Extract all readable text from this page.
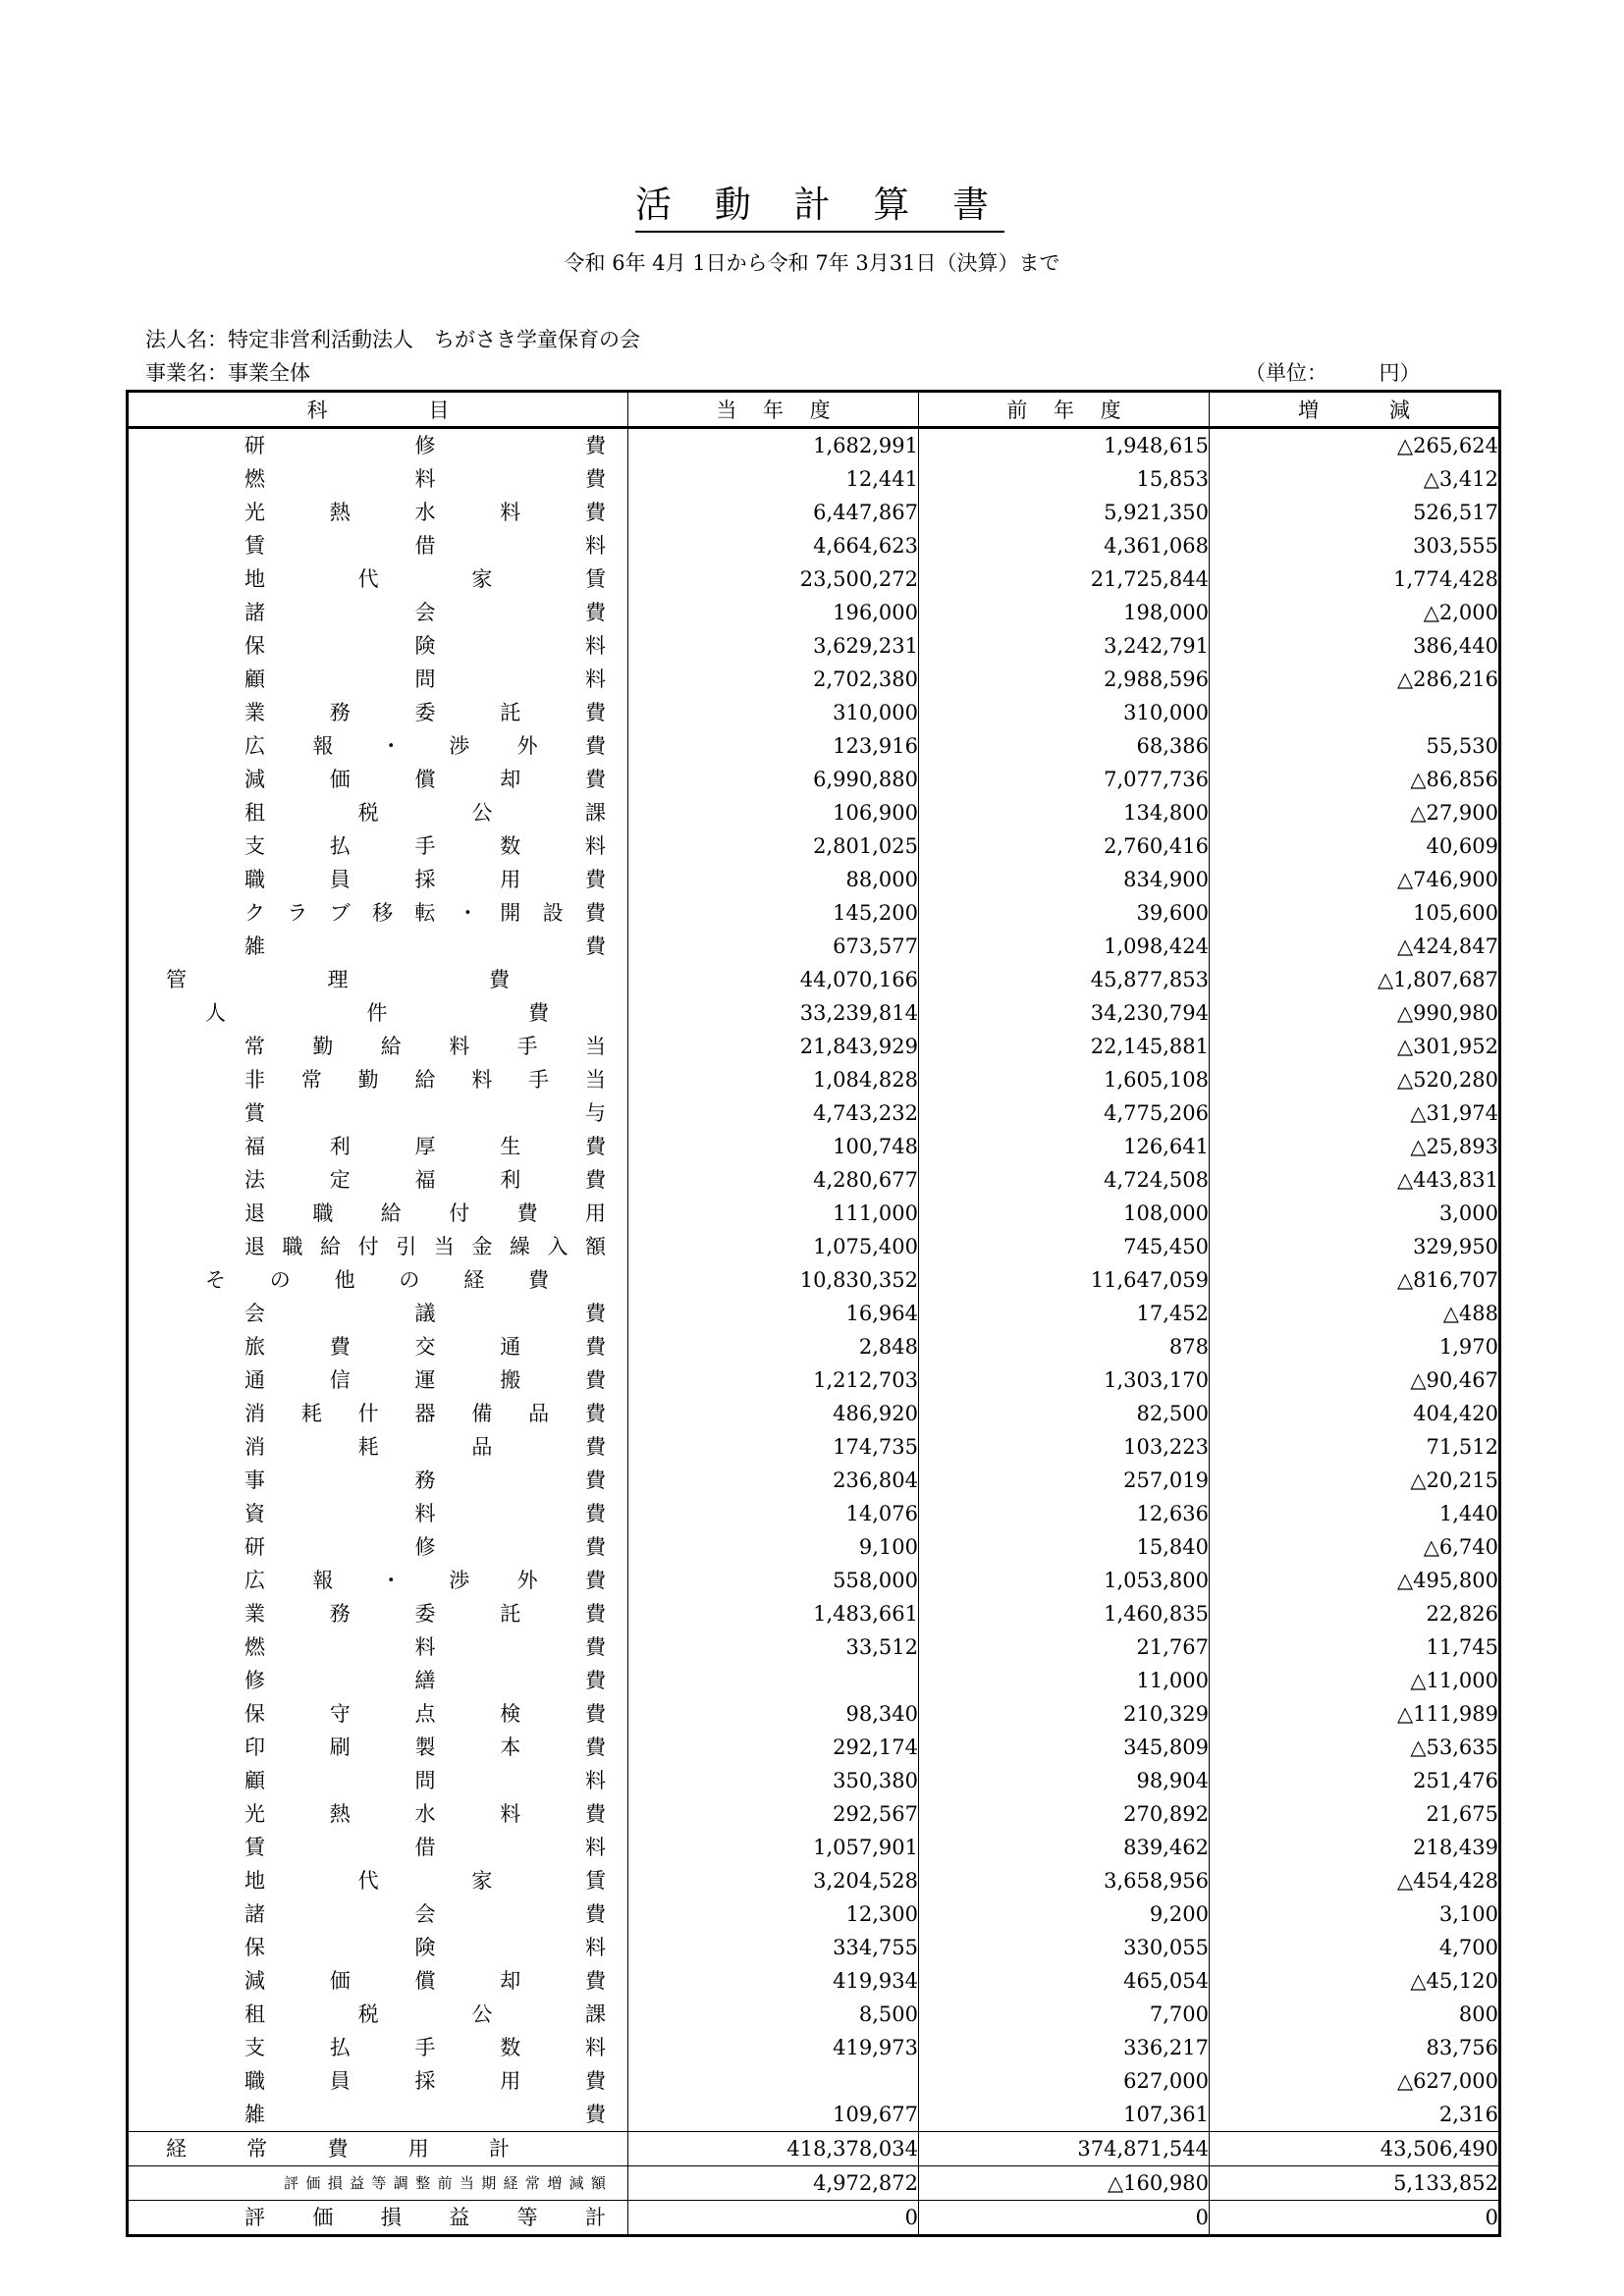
活 動 計 算 書
令和 6年 4月 1日から令和 7年 3月31日（決算）まで
法人名：特定非営利活動法人　ちがさき学童保育の会
事業名：事業全体	（単位：　　　円）
科　　　目	当 年 度	前 年 度	増　　減

研修費	1,682,991	1,948,615	△265,624

燃料費	12,441	15,853	△3,412

光熱水料費	6,447,867	5,921,350	526,517

賃借料	4,664,623	4,361,068	303,555

地代家賃	23,500,272	21,725,844	1,774,428

諸会費	196,000	198,000	△2,000

保険料	3,629,231	3,242,791	386,440

顧問料	2,702,380	2,988,596	△286,216

業務委託費	310,000	310,000	

広報・渉外費	123,916	68,386	55,530

減価償却費	6,990,880	7,077,736	△86,856

租税公課	106,900	134,800	△27,900

支払手数料	2,801,025	2,760,416	40,609

職員採用費	88,000	834,900	△746,900

クラブ移転・開設費	145,200	39,600	105,600

雑費	673,577	1,098,424	△424,847

管理費	44,070,166	45,877,853	△1,807,687

人件費	33,239,814	34,230,794	△990,980

常勤給料手当	21,843,929	22,145,881	△301,952

非常勤給料手当	1,084,828	1,605,108	△520,280

賞与	4,743,232	4,775,206	△31,974

福利厚生費	100,748	126,641	△25,893

法定福利費	4,280,677	4,724,508	△443,831

退職給付費用	111,000	108,000	3,000

退職給付引当金繰入額	1,075,400	745,450	329,950

その他の経費	10,830,352	11,647,059	△816,707

会議費	16,964	17,452	△488

旅費交通費	2,848	878	1,970

通信運搬費	1,212,703	1,303,170	△90,467

消耗什器備品費	486,920	82,500	404,420

消耗品費	174,735	103,223	71,512

事務費	236,804	257,019	△20,215

資料費	14,076	12,636	1,440

研修費	9,100	15,840	△6,740

広報・渉外費	558,000	1,053,800	△495,800

業務委託費	1,483,661	1,460,835	22,826

燃料費	33,512	21,767	11,745

修繕費		11,000	△11,000

保守点検費	98,340	210,329	△111,989

印刷製本費	292,174	345,809	△53,635

顧問料	350,380	98,904	251,476

光熱水料費	292,567	270,892	21,675

賃借料	1,057,901	839,462	218,439

地代家賃	3,204,528	3,658,956	△454,428

諸会費	12,300	9,200	3,100

保険料	334,755	330,055	4,700

減価償却費	419,934	465,054	△45,120

租税公課	8,500	7,700	800

支払手数料	419,973	336,217	83,756

職員採用費		627,000	△627,000

雑費	109,677	107,361	2,316

経常費用計	418,378,034	374,871,544	43,506,490

評価損益等調整前当期経常増減額	4,972,872	△160,980	5,133,852

評価損益等計	0	0	0
